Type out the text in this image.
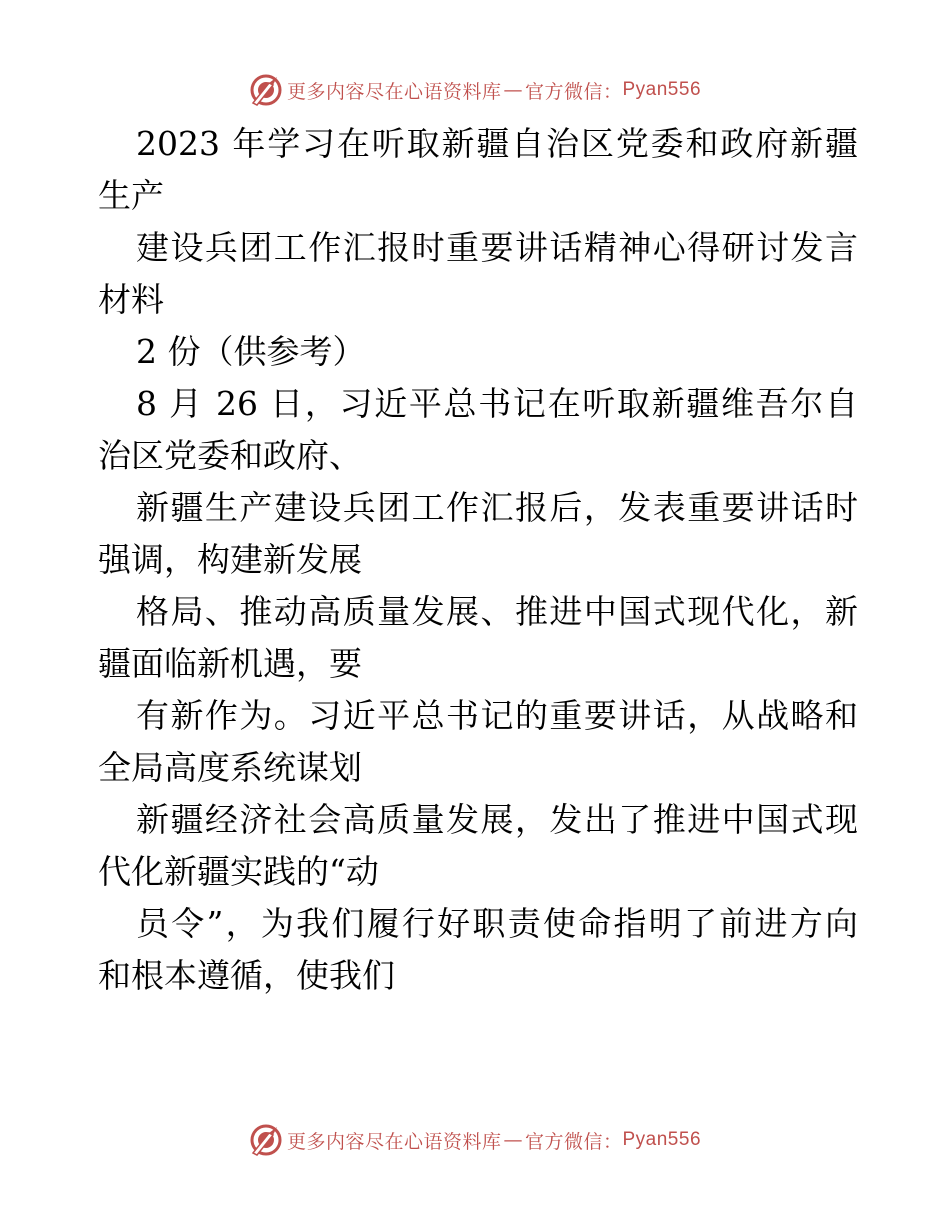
更多内容尽在心语资料库 — 官方微信： Pyan556
2023 年学习在听取新疆自治区党委和政府新疆
生产
建设兵团工作汇报时重要讲话精神心得研讨发言
材料
2 份（供参考）
8 月 26 日，习近平总书记在听取新疆维吾尔自
治区党委和政府、
新疆生产建设兵团工作汇报后，发表重要讲话时
强调，构建新发展
格局、推动高质量发展、推进中国式现代化，新
疆面临新机遇，要
有新作为。习近平总书记的重要讲话，从战略和
全局高度系统谋划
新疆经济社会高质量发展，发出了推进中国式现
代化新疆实践的“动
员令”，为我们履行好职责使命指明了前进方向
和根本遵循，使我们
更多内容尽在心语资料库 — 官方微信： Pyan556
